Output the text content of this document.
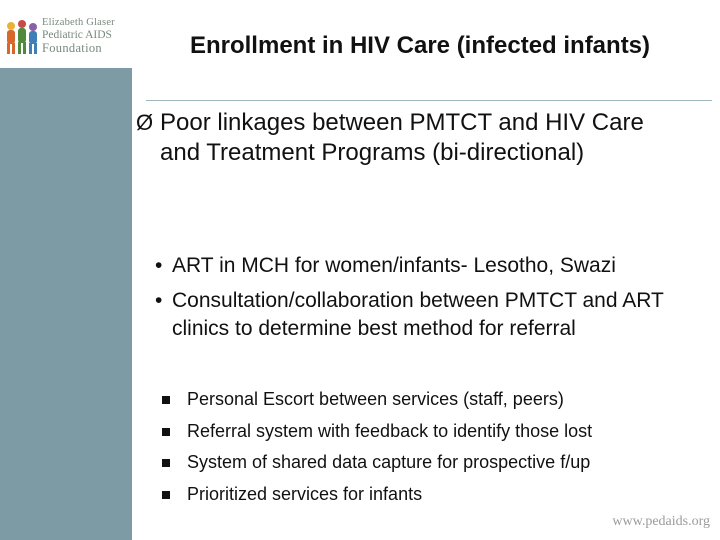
Elizabeth Glaser
Pediatric AIDS
Foundation	Enrollment in HIV Care (infected infants)
Ø Poor linkages between PMTCT and HIV Care and Treatment Programs (bi-directional)

• ART in MCH for women/infants- Lesotho, Swazi
• Consultation/collaboration between PMTCT and ART clinics to determine best method for referral
Personal Escort between services (staff, peers)
Referral system with feedback to identify those lost
System of shared data capture for prospective f/up
Prioritized services for infants
www.pedaids.org
